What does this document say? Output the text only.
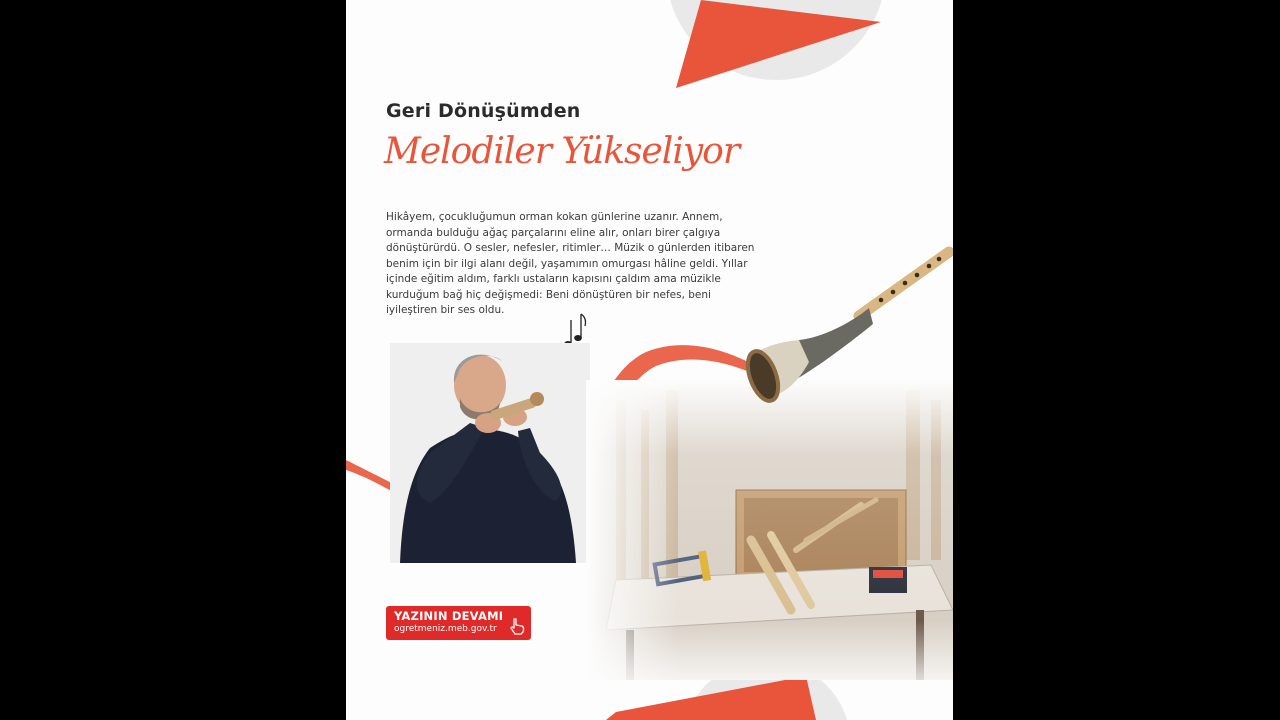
Geri Dönüşümden
Melodiler Yükseliyor

Hikâyem, çocukluğumun orman kokan günlerine uzanır. Annem, ormanda bulduğu ağaç parçalarını eline alır, onları birer çalgıya dönüştürürdü. O sesler, nefesler, ritimler… Müzik o günlerden itibaren benim için bir ilgi alanı değil, yaşamımın omurgası hâline geldi. Yıllar içinde eğitim aldım, farklı ustaların kapısını çaldım ama müzikle kurduğum bağ hiç değişmedi: Beni dönüştüren bir nefes, beni iyileştiren bir ses oldu.

YAZININ DEVAMI
ogretmeniz.meb.gov.tr
